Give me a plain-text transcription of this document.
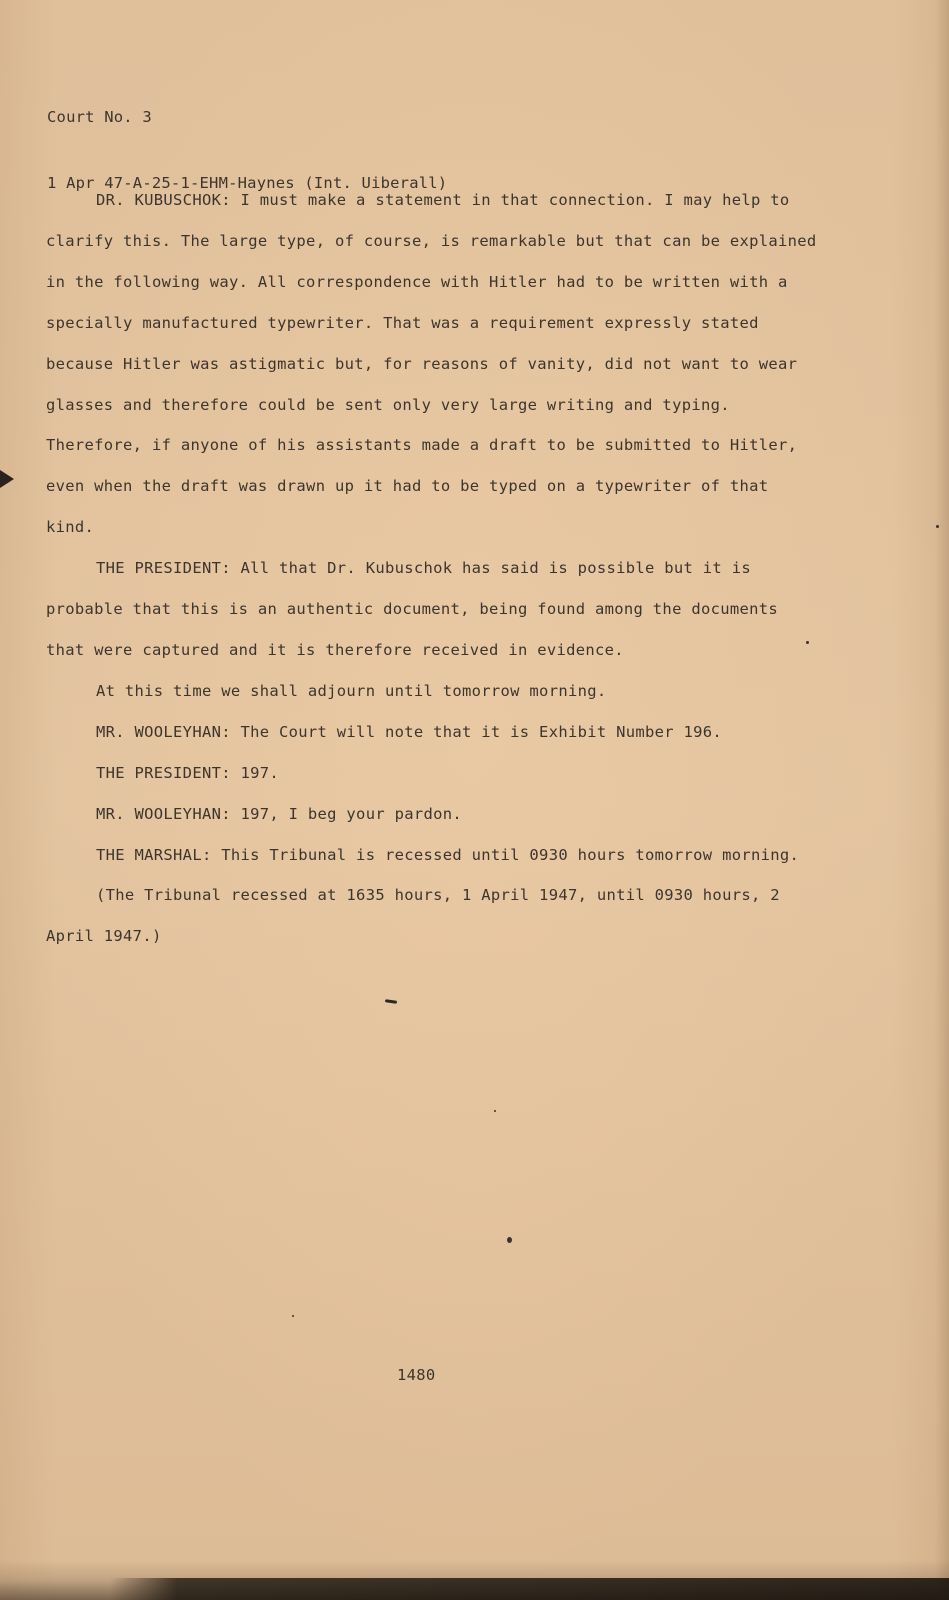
Court No. 3

1 Apr 47-A-25-1-EHM-Haynes (Int. Uiberall)

DR. KUBUSCHOK: I must make a statement in that connection. I may help to clarify this. The large type, of course, is remarkable but that can be explained in the following way. All correspondence with Hitler had to be written with a specially manufactured typewriter. That was a requirement expressly stated because Hitler was astigmatic but, for reasons of vanity, did not want to wear glasses and therefore could be sent only very large writing and typing. Therefore, if anyone of his assistants made a draft to be submitted to Hitler, even when the draft was drawn up it had to be typed on a typewriter of that kind.

THE PRESIDENT: All that Dr. Kubuschok has said is possible but it is probable that this is an authentic document, being found among the documents that were captured and it is therefore received in evidence.

At this time we shall adjourn until tomorrow morning.

MR. WOOLEYHAN: The Court will note that it is Exhibit Number 196.

THE PRESIDENT: 197.

MR. WOOLEYHAN: 197, I beg your pardon.

THE MARSHAL: This Tribunal is recessed until 0930 hours tomorrow morning.

(The Tribunal recessed at 1635 hours, 1 April 1947, until 0930 hours, 2 April 1947.)

1480
